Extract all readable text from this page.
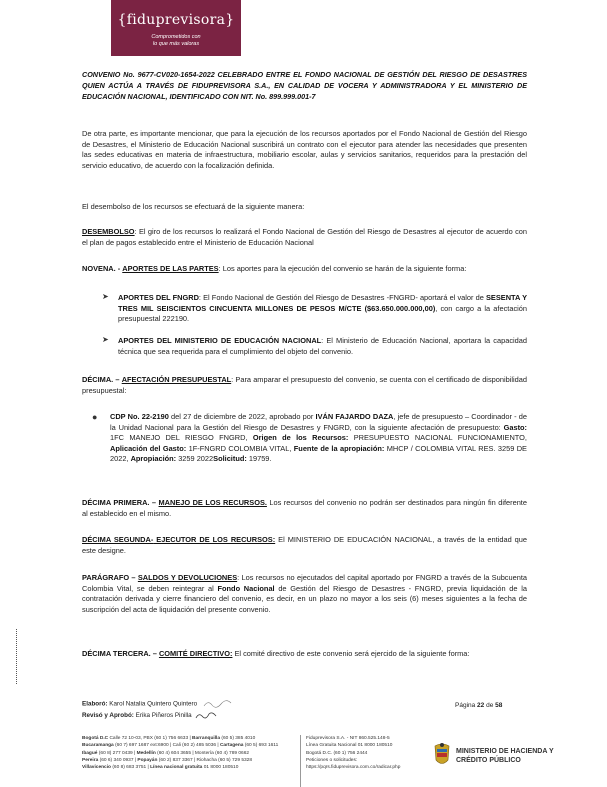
{fiduprevisora}
Comprometidos con
lo que más valoras
CONVENIO No. 9677-CV020-1654-2022 CELEBRADO ENTRE EL FONDO NACIONAL DE GESTIÓN DEL RIESGO DE DESASTRES QUIEN ACTÚA A TRAVÉS DE FIDUPREVISORA S.A., EN CALIDAD DE VOCERA Y ADMINISTRADORA Y EL MINISTERIO DE EDUCACIÓN NACIONAL, IDENTIFICADO CON NIT. No. 899.999.001-7
De otra parte, es importante mencionar, que para la ejecución de los recursos aportados por el Fondo Nacional de Gestión del Riesgo de Desastres, el Ministerio de Educación Nacional suscribirá un contrato con el ejecutor para atender las necesidades que presenten las sedes educativas en materia de infraestructura, mobiliario escolar, aulas y servicios sanitarios, requeridos para la prestación del servicio educativo, de acuerdo con la focalización definida.
El desembolso de los recursos se efectuará de la siguiente manera:
DESEMBOLSO: El giro de los recursos lo realizará el Fondo Nacional de Gestión del Riesgo de Desastres al ejecutor de acuerdo con el plan de pagos establecido entre el Ministerio de Educación Nacional
NOVENA. - APORTES DE LAS PARTES: Los aportes para la ejecución del convenio se harán de la siguiente forma:
➤ APORTES DEL FNGRD: El Fondo Nacional de Gestión del Riesgo de Desastres -FNGRD- aportará el valor de SESENTA Y TRES MIL SEISCIENTOS CINCUENTA MILLONES DE PESOS M/CTE ($63.650.000.000,00), con cargo a la afectación presupuestal 222190.
➤ APORTES DEL MINISTERIO DE EDUCACIÓN NACIONAL: El Ministerio de Educación Nacional, aportara la capacidad técnica que sea requerida para el cumplimiento del objeto del convenio.
DÉCIMA. – AFECTACIÓN PRESUPUESTAL: Para amparar el presupuesto del convenio, se cuenta con el certificado de disponibilidad presupuestal:
● CDP No. 22-2190 del 27 de diciembre de 2022, aprobado por IVÁN FAJARDO DAZA, jefe de presupuesto – Coordinador - de la Unidad Nacional para la Gestión del Riesgo de Desastres y FNGRD, con la siguiente afectación de presupuesto: Gasto: 1FC MANEJO DEL RIESGO FNGRD, Origen de los Recursos: PRESUPUESTO NACIONAL FUNCIONAMIENTO, Aplicación del Gasto: 1F-FNGRD COLOMBIA VITAL, Fuente de la apropiación: MHCP / COLOMBIA VITAL RES. 3259 DE 2022, Apropiación: 3259 2022Solicitud: 19759.
DÉCIMA PRIMERA. – MANEJO DE LOS RECURSOS. Los recursos del convenio no podrán ser destinados para ningún fin diferente al establecido en el mismo.
DÉCIMA SEGUNDA- EJECUTOR DE LOS RECURSOS: El MINISTERIO DE EDUCACIÓN NACIONAL, a través de la entidad que este designe.
PARÁGRAFO – SALDOS Y DEVOLUCIONES: Los recursos no ejecutados del capital aportado por FNGRD a través de la Subcuenta Colombia Vital, se deben reintegrar al Fondo Nacional de Gestión del Riesgo de Desastres - FNGRD, previa liquidación de la contratación derivada y cierre financiero del convenio, es decir, en un plazo no mayor a los seis (6) meses siguientes a la fecha de suscripción del acta de liquidación del presente convenio.
DÉCIMA TERCERA. – COMITÉ DIRECTIVO: El comité directivo de este convenio será ejercido de la siguiente forma:
Elaboró: Karol Natalia Quintero Quintero
Revisó y Aprobó: Erika Piñeros Pinilla
Página 22 de 58
Bogotá D.C Calle 72 10-03, PBX (60 1) 756 6633 | Barranquilla (60 5) 385 4010
Bucaramanga (60 7) 697 1687 ext:6900 | Cali (60 2) 485 5036 | Cartagena (60 5) 693 1611
Ibagué (60 8) 277 0439 | Medellín (60 4) 604 3655 | Montería (60 4) 789 0662
Pereira (60 6) 340 0937 | Popayán (60 2) 837 3367 | Riohacha (60 5) 729 5328
Villavicencio (60 8) 683 3751 | Línea nacional gratuita 01 8000 180510
Fiduprevisora S.A. - NIT 860.525.148-5
Línea Gratuita Nacional 01 8000 180510
Bogotá D.C. (60 1) 756 2444
Peticiones o solicitudes:
https://pqrs.fiduprevisora.com.co/radicar.php
MINISTERIO DE HACIENDA Y
CRÉDITO PÚBLICO
